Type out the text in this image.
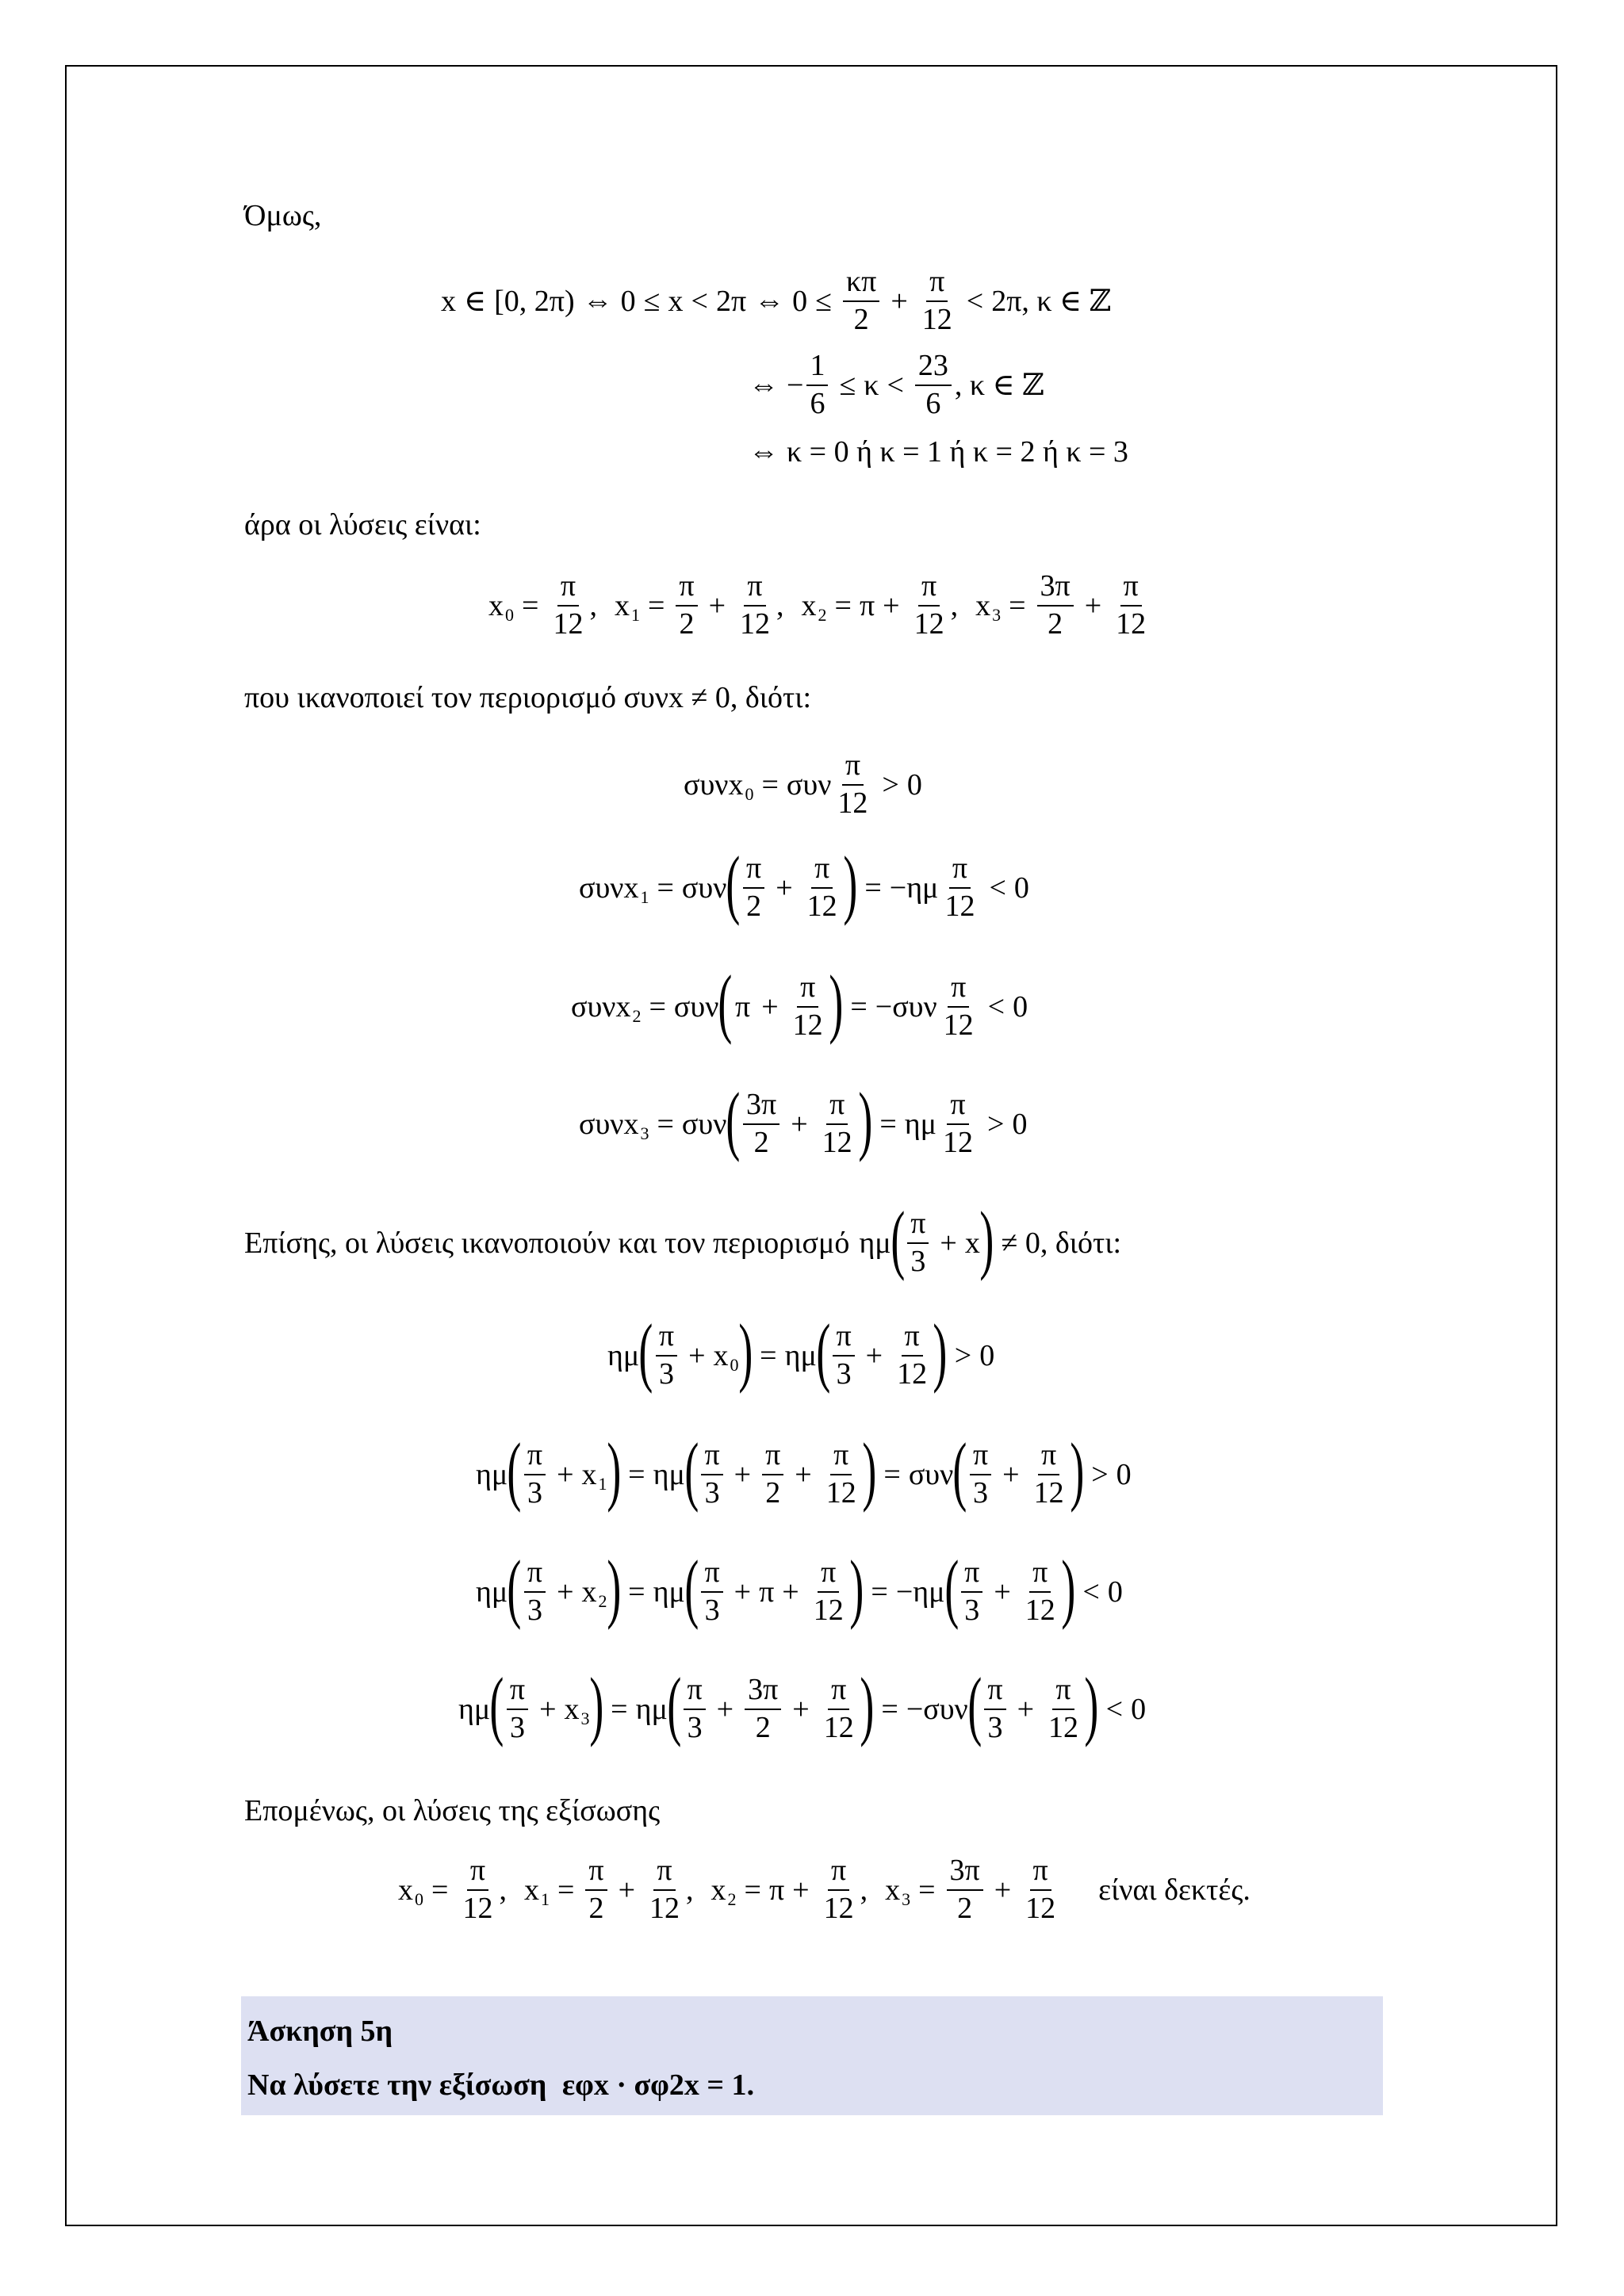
Όμως,
x ∈ [0, 2π) ⇔ 0 ≤ x < 2π ⇔ $0 \le \frac{\kappa\pi}{2} + \frac{\pi}{12} < 2\pi$ , κ ∈ ℤ
⇔ − $\frac{1}{6} \le \kappa < \frac{23}{6}$ , κ ∈ ℤ
⇔ κ = 0 ή κ = 1 ή κ = 2 ή κ = 3
άρα οι λύσεις είναι:
x $0 = \frac{\pi}{12}$ , x $1 = \frac{\pi}{2} + \frac{\pi}{12}$ , x $2 = \pi + \frac{\pi}{12}$ , x $3 = \frac{3\pi}{2} + \frac{\pi}{12}$
που ικανοποιεί τον περιορισμό συνx ≠ 0, διότι:
συνx 0 = συν $\frac{\pi}{12} > 0$
συνx 1 = συν ( $\frac{\pi}{2} + \frac{\pi}{12}$ ) = − ημ $\frac{\pi}{12} < 0$
συνx 2 = συν ( $\pi + \frac{\pi}{12}$ ) = − συν $\frac{\pi}{12} < 0$
συνx 3 = συν ( $\frac{3\pi}{2} + \frac{\pi}{12}$ ) = ημ $\frac{\pi}{12} > 0$
Επίσης, οι λύσεις ικανοποιούν και τον περιορισμό ημ ( $\frac{\pi}{3} + x$ ) ≠ 0, διότι:
ημ ( $\frac{\pi}{3} + x$ 0 ) = ημ ( $\frac{\pi}{3} + \frac{\pi}{12}$ ) > 0
ημ ( $\frac{\pi}{3} + x$ 1 ) = ημ ( $\frac{\pi}{3} + \frac{\pi}{2} + \frac{\pi}{12}$ ) = συν ( $\frac{\pi}{3} + \frac{\pi}{12}$ ) > 0
ημ ( $\frac{\pi}{3} + x$ 2 ) = ημ ( $\frac{\pi}{3} + \pi + \frac{\pi}{12}$ ) = − ημ ( $\frac{\pi}{3} + \frac{\pi}{12}$ ) < 0
ημ ( $\frac{\pi}{3} + x$ 3 ) = ημ ( $\frac{\pi}{3} + \frac{3\pi}{2} + \frac{\pi}{12}$ ) = − συν ( $\frac{\pi}{3} + \frac{\pi}{12}$ ) < 0
Επομένως, οι λύσεις της εξίσωσης
x $0 = \frac{\pi}{12}$ , x $1 = \frac{\pi}{2} + \frac{\pi}{12}$ , x $2 = \pi + \frac{\pi}{12}$ , x $3 = \frac{3\pi}{2} + \frac{\pi}{12}$ είναι δεκτές.
Άσκηση 5η
Να λύσετε την εξίσωση εφx · σφ2x = 1.
